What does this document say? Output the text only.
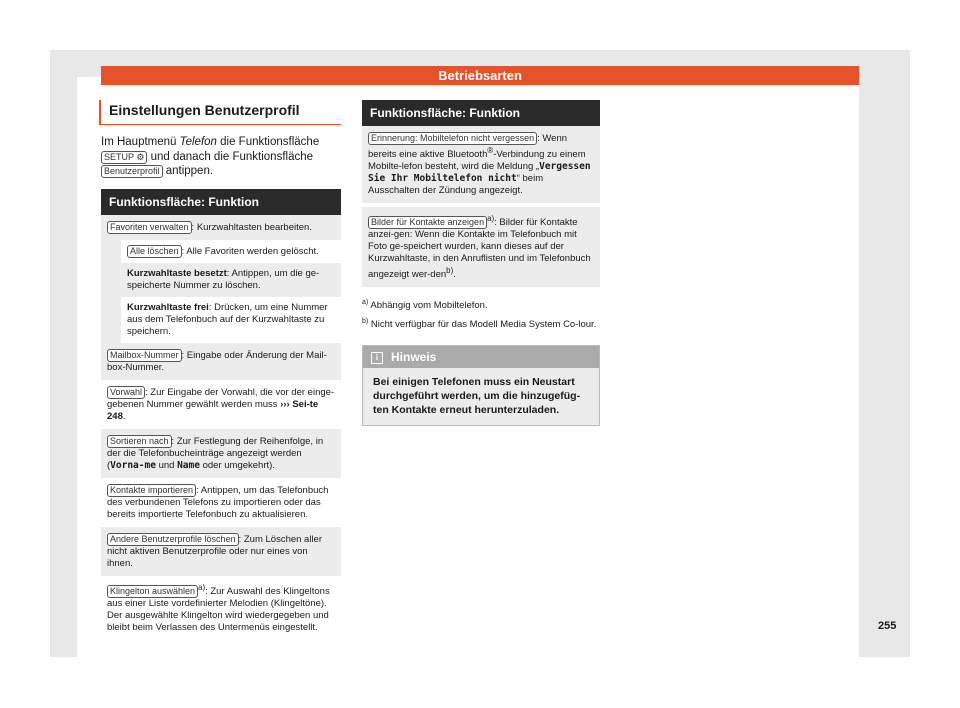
Betriebsarten
Einstellungen Benutzerprofil
Im Hauptmenü Telefon die Funktionsfläche
SETUP ⚙ und danach die Funktionsfläche
Benutzerprofil antippen.
Funktionsfläche: Funktion
Favoriten verwalten : Kurzwahltasten bearbeiten.
Alle löschen : Alle Favoriten werden gelöscht.
Kurzwahltaste besetzt: Antippen, um die ge-speicherte Nummer zu löschen.
Kurzwahltaste frei: Drücken, um eine Nummer aus dem Telefonbuch auf der Kurzwahltaste zu speichern.
Mailbox-Nummer : Eingabe oder Änderung der Mail-box-Nummer.
Vorwahl : Zur Eingabe der Vorwahl, die vor der einge-gebenen Nummer gewählt werden muss ››› Sei-te 248.
Sortieren nach : Zur Festlegung der Reihenfolge, in der die Telefonbucheinträge angezeigt werden (Vorna-me und Name oder umgekehrt).
Kontakte importieren : Antippen, um das Telefonbuch des verbundenen Telefons zu importieren oder das bereits importierte Telefonbuch zu aktualisieren.
Andere Benutzerprofile löschen : Zum Löschen aller nicht aktiven Benutzerprofile oder nur eines von ihnen.
Klingelton auswählen $^{a)}$: Zur Auswahl des Klingeltons aus einer Liste vordefinierter Melodien (Klingeltöne). Der ausgewählte Klingelton wird wiedergegeben und bleibt beim Verlassen des Untermenüs eingestellt.
Funktionsfläche: Funktion
Erinnerung: Mobiltelefon nicht vergessen : Wenn bereits eine aktive Bluetooth®-Verbindung zu einem Mobilte-lefon besteht, wird die Meldung „Vergessen Sie Ihr Mobiltelefon nicht“ beim Ausschalten der Zündung angezeigt.
Bilder für Kontakte anzeigen $^{a)}$: Bilder für Kontakte anzei-gen: Wenn die Kontakte im Telefonbuch mit Foto ge-speichert wurden, kann dieses auf der Kurzwahltaste, in den Anruflisten und im Telefonbuch angezeigt wer-den$^{b)}$.
$^{a)}$ Abhängig vom Mobiltelefon.
$^{b)}$ Nicht verfügbar für das Modell Media System Co-lour.
i Hinweis
Bei einigen Telefonen muss ein Neustart durchgeführt werden, um die hinzugefüg-ten Kontakte erneut herunterzuladen.
255
